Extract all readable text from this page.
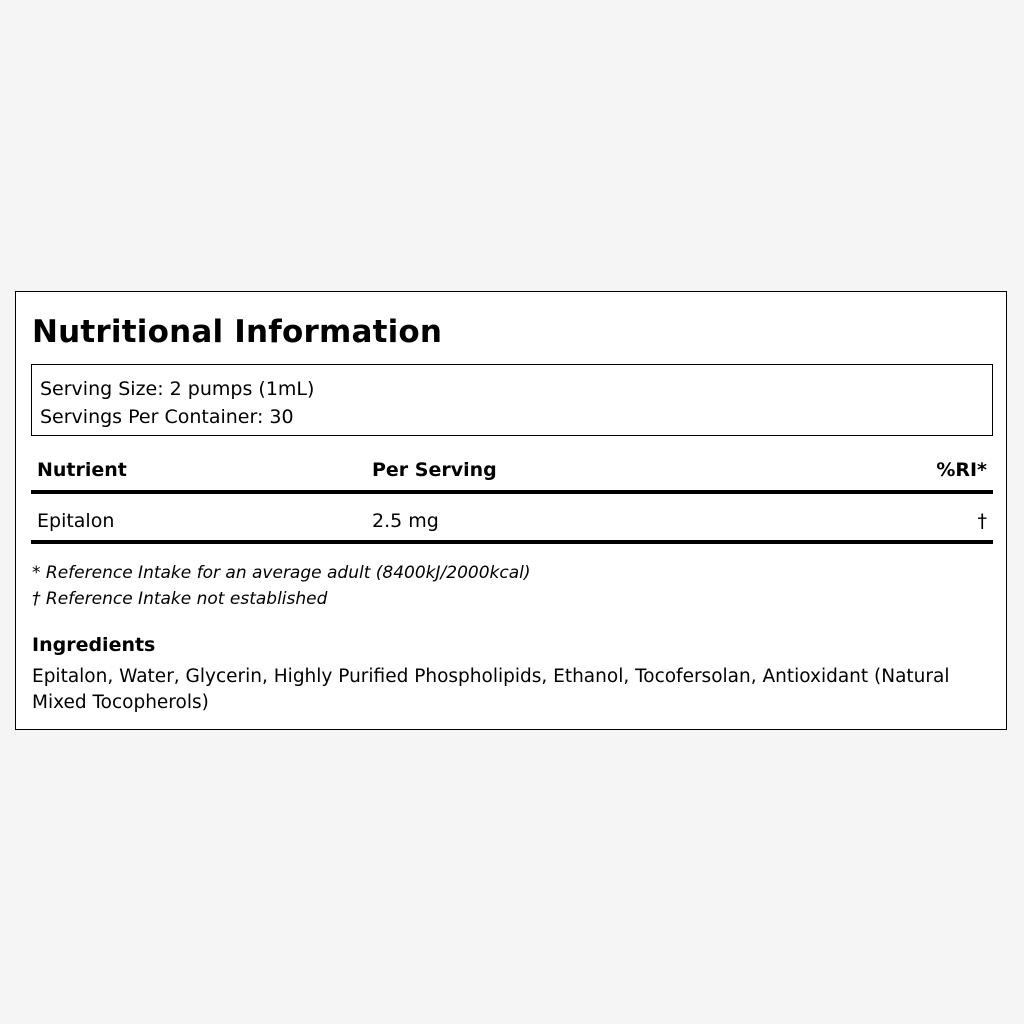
Nutritional Information
Serving Size: 2 pumps (1mL)
Servings Per Container: 30
Nutrient	Per Serving	%RI*
Epitalon	2.5 mg	†
* Reference Intake for an average adult (8400kJ/2000kcal)
† Reference Intake not established
Ingredients
Epitalon, Water, Glycerin, Highly Purified Phospholipids, Ethanol, Tocofersolan, Antioxidant (Natural Mixed Tocopherols)
